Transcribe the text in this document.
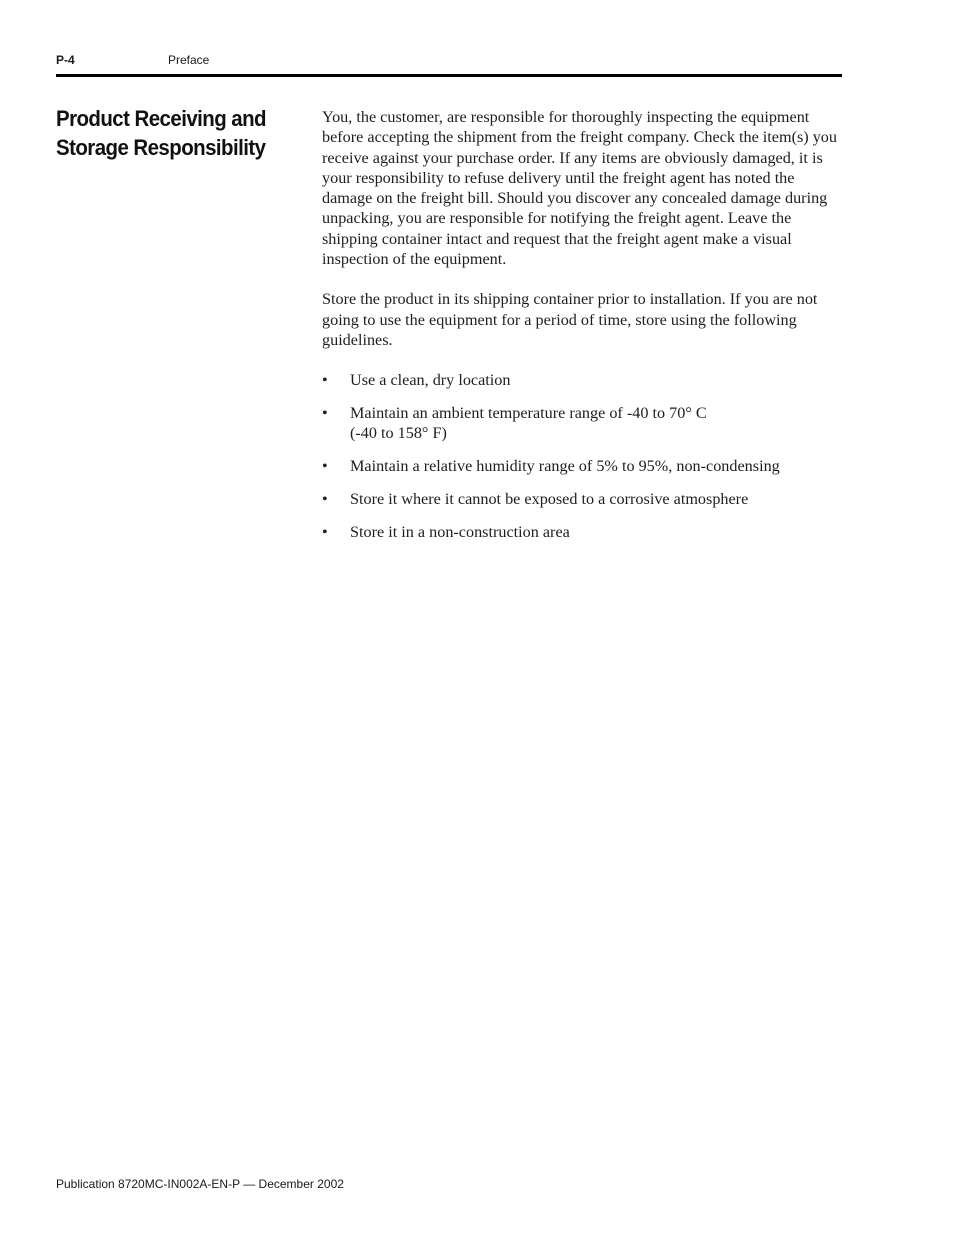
P-4	Preface
Product Receiving and
Storage Responsibility

You, the customer, are responsible for thoroughly inspecting the equipment before accepting the shipment from the freight company. Check the item(s) you receive against your purchase order. If any items are obviously damaged, it is your responsibility to refuse delivery until the freight agent has noted the damage on the freight bill. Should you discover any concealed damage during unpacking, you are responsible for notifying the freight agent. Leave the shipping container intact and request that the freight agent make a visual inspection of the equipment.

Store the product in its shipping container prior to installation. If you are not going to use the equipment for a period of time, store using the following guidelines.

• Use a clean, dry location
• Maintain an ambient temperature range of -40 to 70° C
(-40 to 158° F)
• Maintain a relative humidity range of 5% to 95%, non-condensing
• Store it where it cannot be exposed to a corrosive atmosphere
• Store it in a non-construction area
Publication 8720MC-IN002A-EN-P — December 2002
